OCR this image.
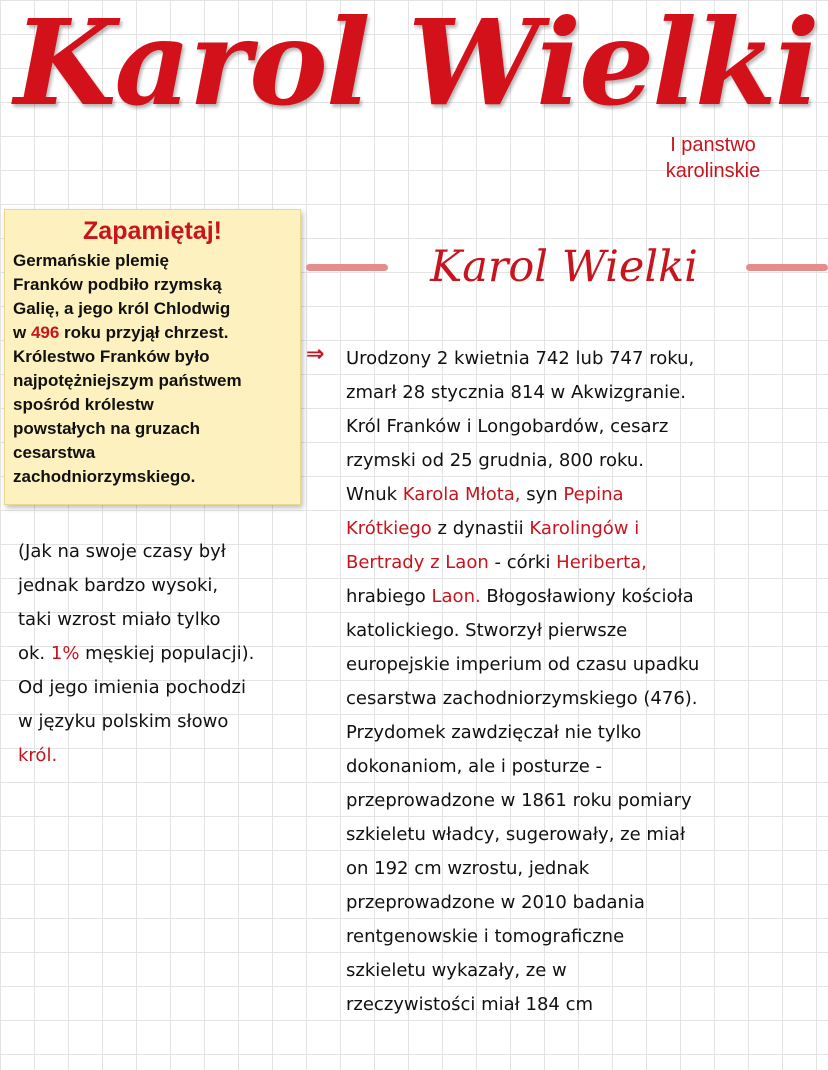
Karol Wielki
I panstwo karolinskie
Zapamiętaj!
Germańskie plemię
Franków podbiło rzymską
Galię, a jego król Chlodwig
w 496 roku przyjął chrzest.
Królestwo Franków było
najpotężniejszym państwem
spośród królestw
powstałych na gruzach
cesarstwa
zachodniorzymskiego.
(Jak na swoje czasy był
jednak bardzo wysoki,
taki wzrost miało tylko
ok. 1% męskiej populacji).
Od jego imienia pochodzi
w języku polskim słowo
król.
Karol Wielki
⇒ Urodzony 2 kwietnia 742 lub 747 roku,
zmarł 28 stycznia 814 w Akwizgranie.
Król Franków i Longobardów, cesarz
rzymski od 25 grudnia, 800 roku.
Wnuk Karola Młota, syn Pepina
Krótkiego z dynastii Karolingów i
Bertrady z Laon - córki Heriberta,
hrabiego Laon. Błogosławiony kościoła
katolickiego. Stworzył pierwsze
europejskie imperium od czasu upadku
cesarstwa zachodniorzymskiego (476).
Przydomek zawdzięczał nie tylko
dokonaniom, ale i posturze -
przeprowadzone w 1861 roku pomiary
szkieletu władcy, sugerowały, ze miał
on 192 cm wzrostu, jednak
przeprowadzone w 2010 badania
rentgenowskie i tomograficzne
szkieletu wykazały, ze w
rzeczywistości miał 184 cm
